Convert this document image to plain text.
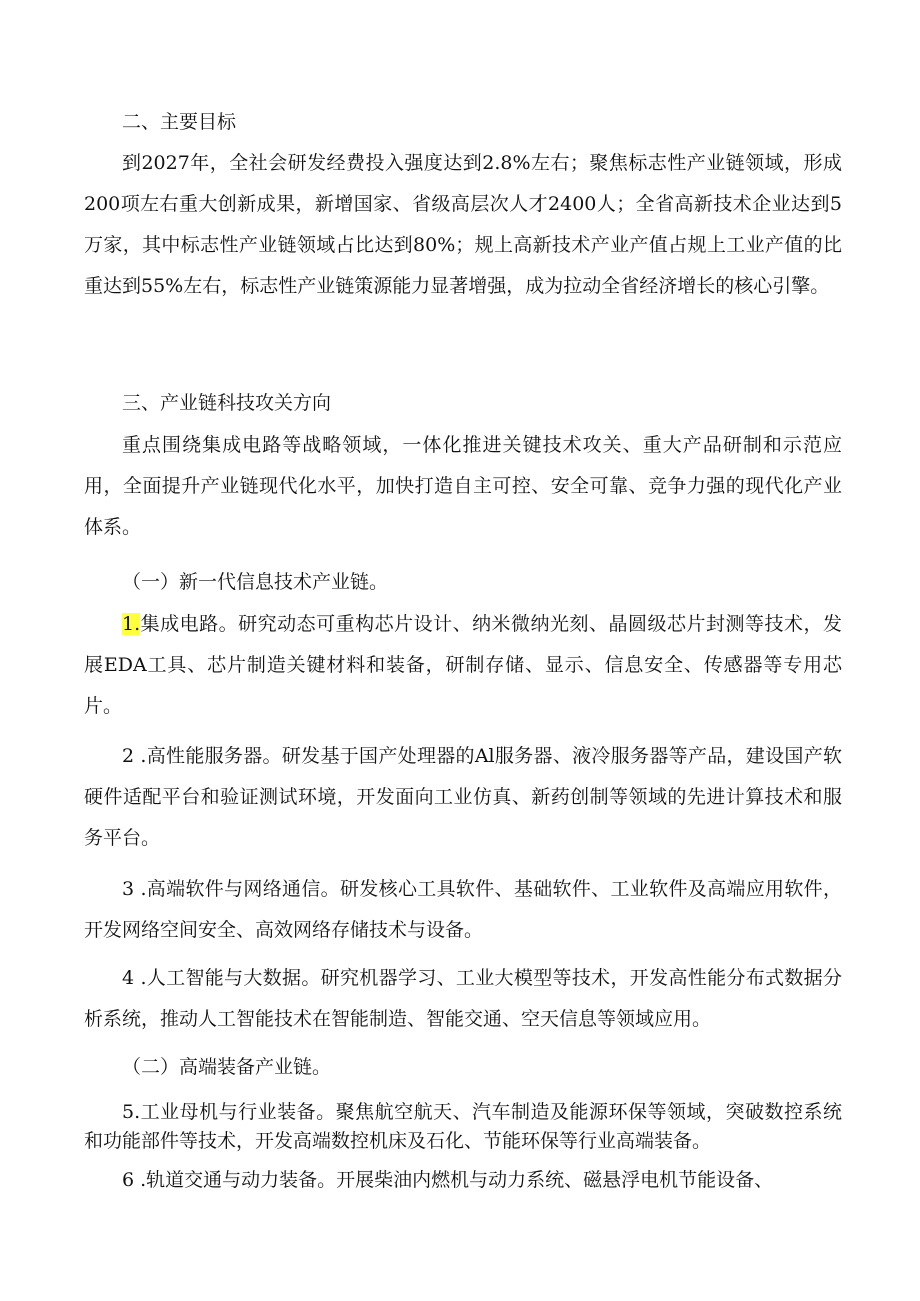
二、主要目标

到2027年，全社会研发经费投入强度达到2.8%左右；聚焦标志性产业链领域，形成200项左右重大创新成果，新增国家、省级高层次人才2400人；全省高新技术企业达到5万家，其中标志性产业链领域占比达到80%；规上高新技术产业产值占规上工业产值的比重达到55%左右，标志性产业链策源能力显著增强，成为拉动全省经济增长的核心引擎。

三、产业链科技攻关方向

重点围绕集成电路等战略领域，一体化推进关键技术攻关、重大产品研制和示范应用，全面提升产业链现代化水平，加快打造自主可控、安全可靠、竞争力强的现代化产业体系。

（一）新一代信息技术产业链。

1.集成电路。研究动态可重构芯片设计、纳米微纳光刻、晶圆级芯片封测等技术，发展EDA工具、芯片制造关键材料和装备，研制存储、显示、信息安全、传感器等专用芯片。

2 .高性能服务器。研发基于国产处理器的Al服务器、液冷服务器等产品，建设国产软硬件适配平台和验证测试环境，开发面向工业仿真、新药创制等领域的先进计算技术和服务平台。

3 .高端软件与网络通信。研发核心工具软件、基础软件、工业软件及高端应用软件，开发网络空间安全、高效网络存储技术与设备。

4 .人工智能与大数据。研究机器学习、工业大模型等技术，开发高性能分布式数据分析系统，推动人工智能技术在智能制造、智能交通、空天信息等领域应用。

（二）高端装备产业链。

5.工业母机与行业装备。聚焦航空航天、汽车制造及能源环保等领域，突破数控系统和功能部件等技术，开发高端数控机床及石化、节能环保等行业高端装备。

6 .轨道交通与动力装备。开展柴油内燃机与动力系统、磁悬浮电机节能设备、
